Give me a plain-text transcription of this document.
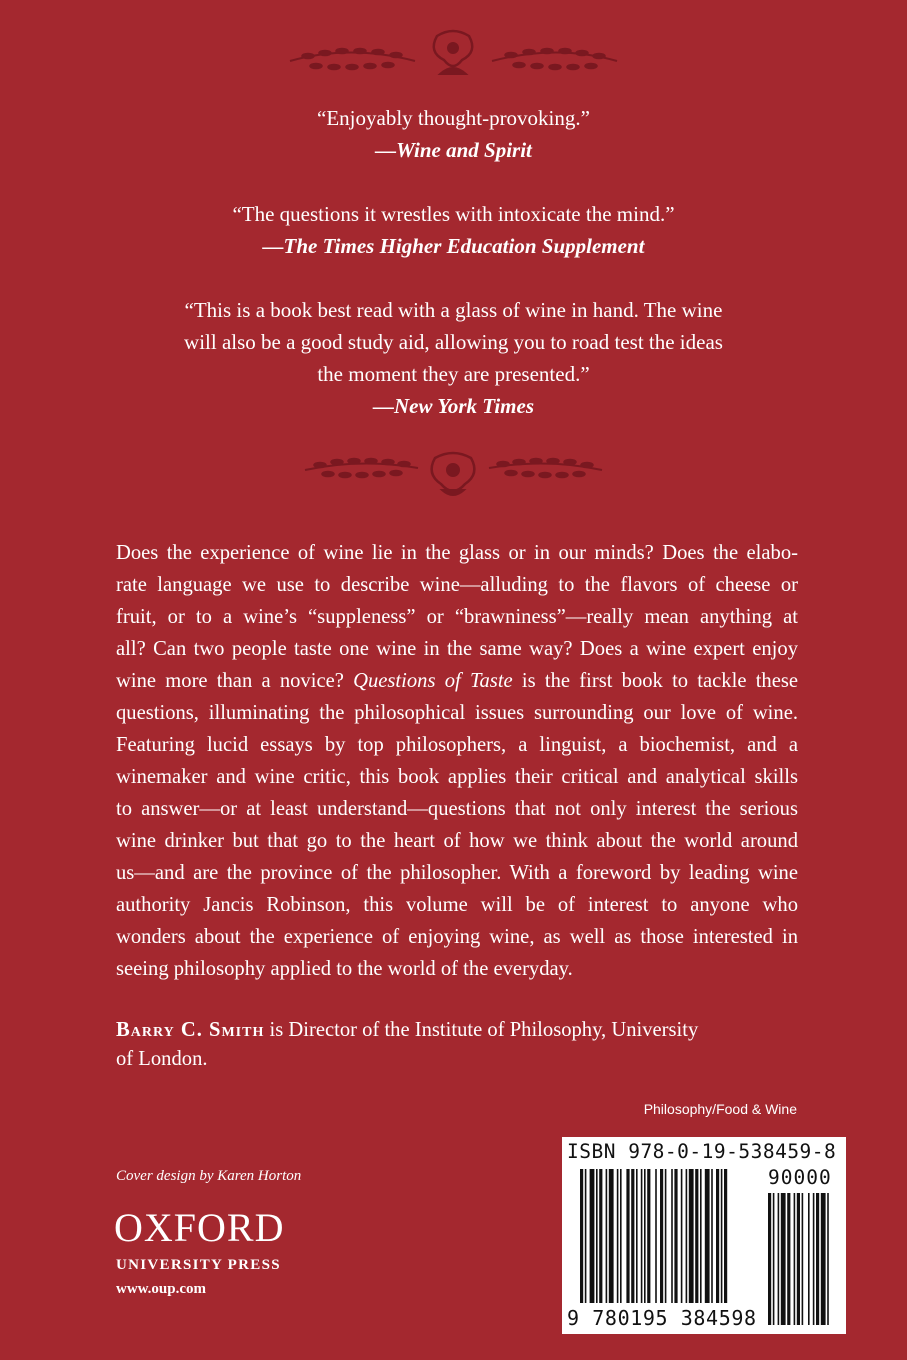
“Enjoyably thought-provoking.”
—Wine and Spirit
“The questions it wrestles with intoxicate the mind.”
—The Times Higher Education Supplement
“This is a book best read with a glass of wine in hand. The wine
will also be a good study aid, allowing you to road test the ideas
the moment they are presented.”
—New York Times
Does the experience of wine lie in the glass or in our minds? Does the elabo-
rate language we use to describe wine—alluding to the flavors of cheese or
fruit, or to a wine’s “suppleness” or “brawniness”—really mean anything at
all? Can two people taste one wine in the same way? Does a wine expert enjoy
wine more than a novice? Questions of Taste is the first book to tackle these
questions, illuminating the philosophical issues surrounding our love of wine.
Featuring lucid essays by top philosophers, a linguist, a biochemist, and a
winemaker and wine critic, this book applies their critical and analytical skills
to answer—or at least understand—questions that not only interest the serious
wine drinker but that go to the heart of how we think about the world around
us—and are the province of the philosopher. With a foreword by leading wine
authority Jancis Robinson, this volume will be of interest to anyone who
wonders about the experience of enjoying wine, as well as those interested in
seeing philosophy applied to the world of the everyday.
Barry C. Smith is Director of the Institute of Philosophy, University
of London.
Philosophy/Food & Wine
ISBN 978-0-19-538459-8
90000
9 780195 384598
Cover design by Karen Horton
OXFORD
UNIVERSITY PRESS
www.oup.com
